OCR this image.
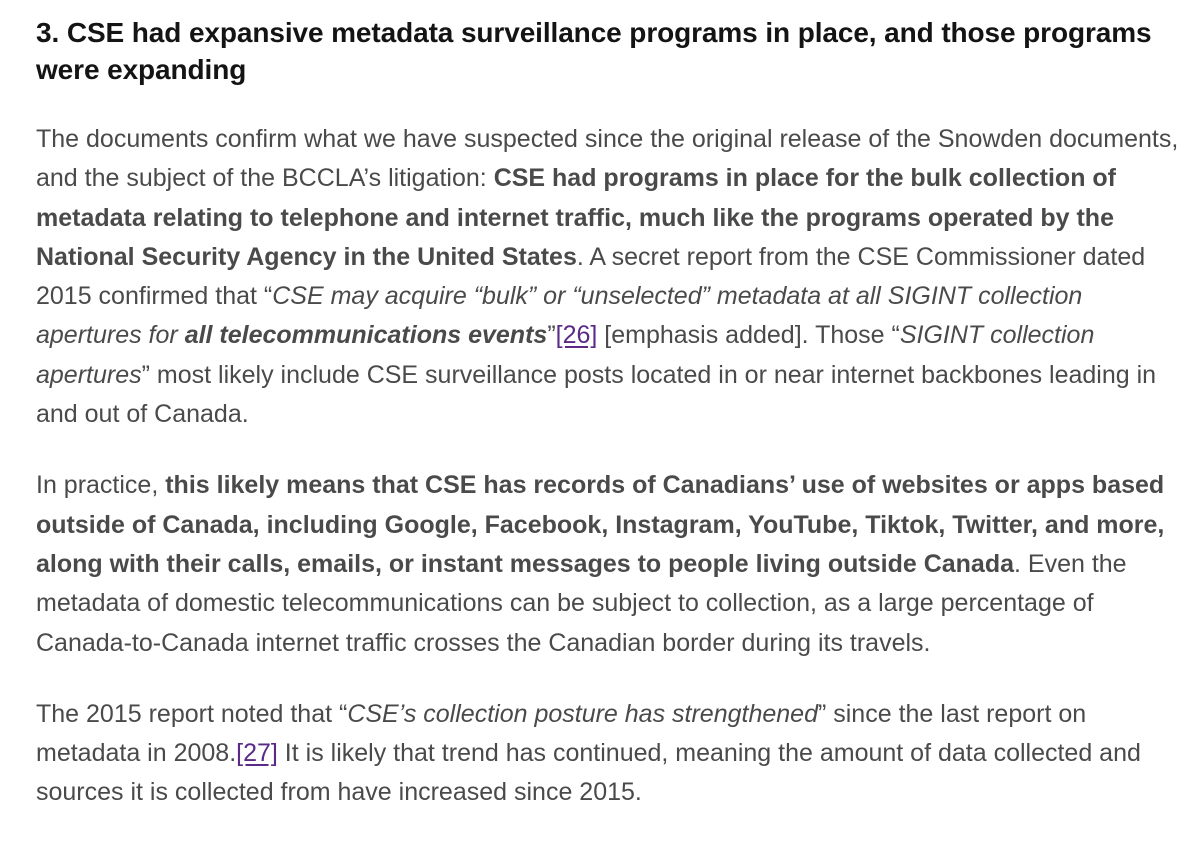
3. CSE had expansive metadata surveillance programs in place, and those programs were expanding

The documents confirm what we have suspected since the original release of the Snowden documents, and the subject of the BCCLA’s litigation: CSE had programs in place for the bulk collection of metadata relating to telephone and internet traffic, much like the programs operated by the National Security Agency in the United States. A secret report from the CSE Commissioner dated 2015 confirmed that “CSE may acquire “bulk” or “unselected” metadata at all SIGINT collection apertures for all telecommunications events”[26] [emphasis added]. Those “SIGINT collection apertures” most likely include CSE surveillance posts located in or near internet backbones leading in and out of Canada.

In practice, this likely means that CSE has records of Canadians’ use of websites or apps based outside of Canada, including Google, Facebook, Instagram, YouTube, Tiktok, Twitter, and more, along with their calls, emails, or instant messages to people living outside Canada. Even the metadata of domestic telecommunications can be subject to collection, as a large percentage of Canada-to-Canada internet traffic crosses the Canadian border during its travels.

The 2015 report noted that “CSE’s collection posture has strengthened” since the last report on metadata in 2008.[27] It is likely that trend has continued, meaning the amount of data collected and sources it is collected from have increased since 2015.
